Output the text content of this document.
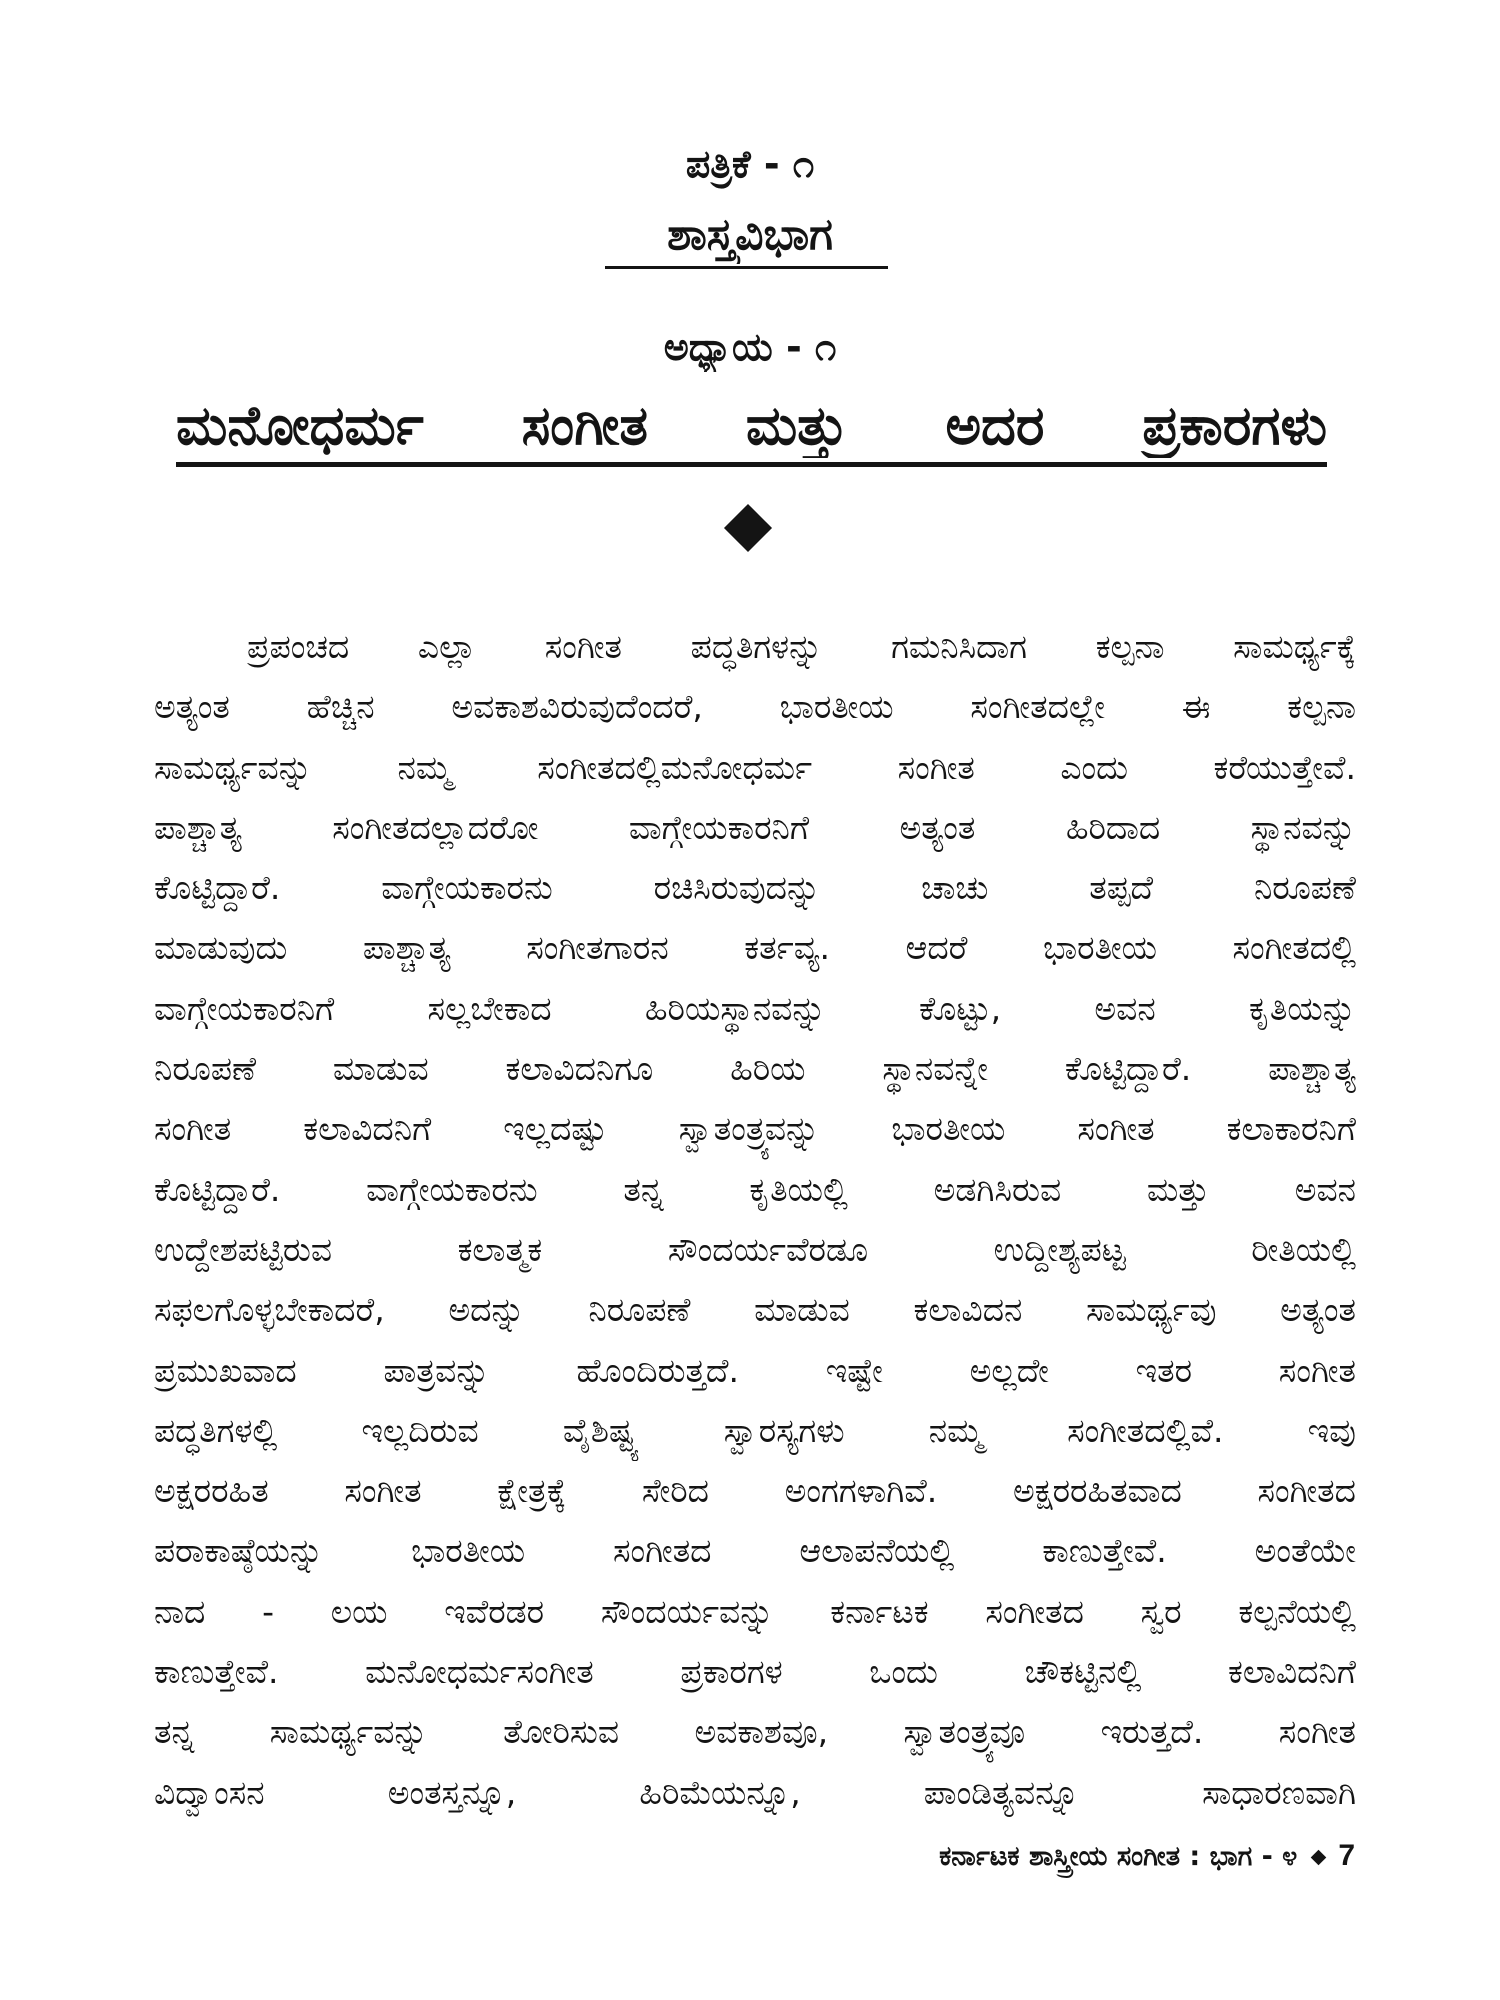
ಪತ್ರಿಕೆ - ೧
ಶಾಸ್ತ್ರವಿಭಾಗ
ಅಧ್ಯಾಯ - ೧
ಮನೋಧರ್ಮ ಸಂಗೀತ ಮತ್ತು ಅದರ ಪ್ರಕಾರಗಳು
ಪ್ರಪಂಚದ ಎಲ್ಲಾ ಸಂಗೀತ ಪದ್ಧತಿಗಳನ್ನು ಗಮನಿಸಿದಾಗ ಕಲ್ಪನಾ ಸಾಮರ್ಥ್ಯಕ್ಕೆ
ಅತ್ಯಂತ ಹೆಚ್ಚಿನ ಅವಕಾಶವಿರುವುದೆಂದರೆ, ಭಾರತೀಯ ಸಂಗೀತದಲ್ಲೇ ಈ ಕಲ್ಪನಾ
ಸಾಮರ್ಥ್ಯವನ್ನು ನಮ್ಮ ಸಂಗೀತದಲ್ಲಿಮನೋಧರ್ಮ ಸಂಗೀತ ಎಂದು ಕರೆಯುತ್ತೇವೆ.
ಪಾಶ್ಚಾತ್ಯ ಸಂಗೀತದಲ್ಲಾದರೋ ವಾಗ್ಗೇಯಕಾರನಿಗೆ ಅತ್ಯಂತ ಹಿರಿದಾದ ಸ್ಥಾನವನ್ನು
ಕೊಟ್ಟಿದ್ದಾರೆ. ವಾಗ್ಗೇಯಕಾರನು ರಚಿಸಿರುವುದನ್ನು ಚಾಚು ತಪ್ಪದೆ ನಿರೂಪಣೆ
ಮಾಡುವುದು ಪಾಶ್ಚಾತ್ಯ ಸಂಗೀತಗಾರನ ಕರ್ತವ್ಯ. ಆದರೆ ಭಾರತೀಯ ಸಂಗೀತದಲ್ಲಿ
ವಾಗ್ಗೇಯಕಾರನಿಗೆ ಸಲ್ಲಬೇಕಾದ ಹಿರಿಯಸ್ಥಾನವನ್ನು ಕೊಟ್ಟು, ಅವನ ಕೃತಿಯನ್ನು
ನಿರೂಪಣೆ ಮಾಡುವ ಕಲಾವಿದನಿಗೂ ಹಿರಿಯ ಸ್ಥಾನವನ್ನೇ ಕೊಟ್ಟಿದ್ದಾರೆ. ಪಾಶ್ಚಾತ್ಯ
ಸಂಗೀತ ಕಲಾವಿದನಿಗೆ ಇಲ್ಲದಷ್ಟು ಸ್ವಾತಂತ್ರ್ಯವನ್ನು ಭಾರತೀಯ ಸಂಗೀತ ಕಲಾಕಾರನಿಗೆ
ಕೊಟ್ಟಿದ್ದಾರೆ. ವಾಗ್ಗೇಯಕಾರನು ತನ್ನ ಕೃತಿಯಲ್ಲಿ ಅಡಗಿಸಿರುವ ಮತ್ತು ಅವನ
ಉದ್ದೇಶಪಟ್ಟಿರುವ ಕಲಾತ್ಮಕ ಸೌಂದರ್ಯವೆರಡೂ ಉದ್ದೀಶ್ಯಪಟ್ಟ ರೀತಿಯಲ್ಲಿ
ಸಫಲಗೊಳ್ಳಬೇಕಾದರೆ, ಅದನ್ನು ನಿರೂಪಣೆ ಮಾಡುವ ಕಲಾವಿದನ ಸಾಮರ್ಥ್ಯವು ಅತ್ಯಂತ
ಪ್ರಮುಖವಾದ ಪಾತ್ರವನ್ನು ಹೊಂದಿರುತ್ತದೆ. ಇಷ್ಟೇ ಅಲ್ಲದೇ ಇತರ ಸಂಗೀತ
ಪದ್ಧತಿಗಳಲ್ಲಿ ಇಲ್ಲದಿರುವ ವೈಶಿಷ್ಟ್ಯ ಸ್ವಾರಸ್ಯಗಳು ನಮ್ಮ ಸಂಗೀತದಲ್ಲಿವೆ. ಇವು
ಅಕ್ಷರರಹಿತ ಸಂಗೀತ ಕ್ಷೇತ್ರಕ್ಕೆ ಸೇರಿದ ಅಂಗಗಳಾಗಿವೆ. ಅಕ್ಷರರಹಿತವಾದ ಸಂಗೀತದ
ಪರಾಕಾಷ್ಠೆಯನ್ನು ಭಾರತೀಯ ಸಂಗೀತದ ಆಲಾಪನೆಯಲ್ಲಿ ಕಾಣುತ್ತೇವೆ. ಅಂತೆಯೇ
ನಾದ - ಲಯ ಇವೆರಡರ ಸೌಂದರ್ಯವನ್ನು ಕರ್ನಾಟಕ ಸಂಗೀತದ ಸ್ವರ ಕಲ್ಪನೆಯಲ್ಲಿ
ಕಾಣುತ್ತೇವೆ. ಮನೋಧರ್ಮಸಂಗೀತ ಪ್ರಕಾರಗಳ ಒಂದು ಚೌಕಟ್ಟಿನಲ್ಲಿ ಕಲಾವಿದನಿಗೆ
ತನ್ನ ಸಾಮರ್ಥ್ಯವನ್ನು ತೋರಿಸುವ ಅವಕಾಶವೂ, ಸ್ವಾತಂತ್ರ್ಯವೂ ಇರುತ್ತದೆ. ಸಂಗೀತ
ವಿದ್ವಾಂಸನ ಅಂತಸ್ತನ್ನೂ, ಹಿರಿಮೆಯನ್ನೂ, ಪಾಂಡಿತ್ಯವನ್ನೂ ಸಾಧಾರಣವಾಗಿ
ಕರ್ನಾಟಕ ಶಾಸ್ತ್ರೀಯ ಸಂಗೀತ : ಭಾಗ - ೪ 7
